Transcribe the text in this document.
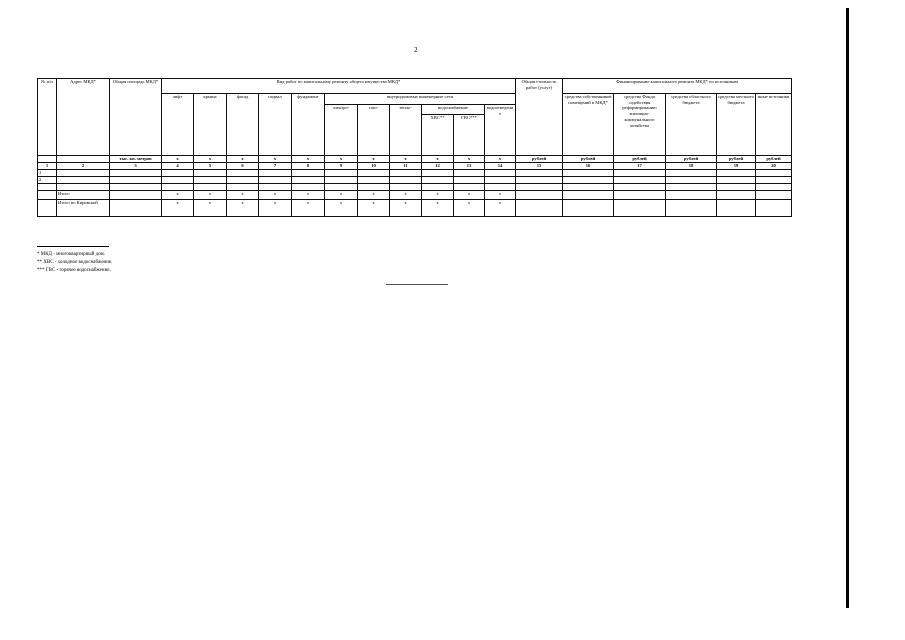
2
№ п/п	Адрес МКД*	Общая площадь МКД*	Вид работ по капитальному ремонту общего имущества МКД*											Общая стоимость работ (услуг)	Финансирование капитального ремонта МКД* по источникам				
			лифт	крыша	фасад	подвал	фундамент	внутридомовые инженерные сети							средства собственников помещений в МКД*	средства Фонда содействия реформированию жилищно-коммунального хозяйства	средства областного бюджета	средства местного бюджета	иные источники
								электро-	газо-	тепло-	водоснабжение		водоотведение						
											ХВС**	ГВС***							
		тыс. кв. метров	х	х	х	х	х	х	х	х	х	х	х	рублей	рублей	рублей	рублей	рублей	рублей
1	2	3	4	5	6	7	8	9	10	11	12	13	14	15	16	17	18	19	20
1																			
2																			

	Итого		х	х	х	х	х	х	х	х	х	х	х						
	Итого по Кировской		х	х	х	х	х	х	х	х	х	х	х						
* МКД - многоквартирный дом.
** ХВС - холодное водоснабжение.
*** ГВС - горячее водоснабжение.
